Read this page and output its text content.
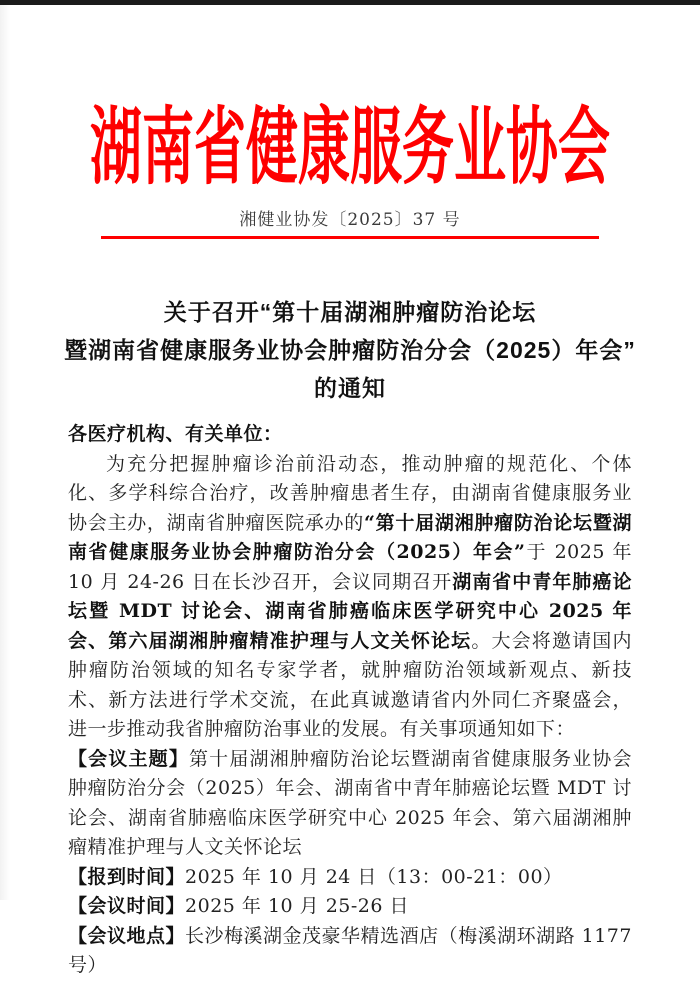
湖南省健康服务业协会
湘健业协发〔2025〕37 号
关于召开“第十届湖湘肿瘤防治论坛
暨湖南省健康服务业协会肿瘤防治分会（2025）年会”
的通知

各医疗机构、有关单位：

为充分把握肿瘤诊治前沿动态，推动肿瘤的规范化、个体化、多学科综合治疗，改善肿瘤患者生存，由湖南省健康服务业协会主办，湖南省肿瘤医院承办的“第十届湖湘肿瘤防治论坛暨湖南省健康服务业协会肿瘤防治分会（2025）年会”于 2025 年 10 月 24-26 日在长沙召开，会议同期召开湖南省中青年肺癌论坛暨 MDT 讨论会、湖南省肺癌临床医学研究中心 2025 年会、第六届湖湘肿瘤精准护理与人文关怀论坛。大会将邀请国内肿瘤防治领域的知名专家学者，就肿瘤防治领域新观点、新技术、新方法进行学术交流，在此真诚邀请省内外同仁齐聚盛会，进一步推动我省肿瘤防治事业的发展。有关事项通知如下：

【会议主题】第十届湖湘肿瘤防治论坛暨湖南省健康服务业协会肿瘤防治分会（2025）年会、湖南省中青年肺癌论坛暨 MDT 讨论会、湖南省肺癌临床医学研究中心 2025 年会、第六届湖湘肿瘤精准护理与人文关怀论坛

【报到时间】2025 年 10 月 24 日（13：00-21：00）

【会议时间】2025 年 10 月 25-26 日

【会议地点】长沙梅溪湖金茂豪华精选酒店（梅溪湖环湖路 1177 号）
